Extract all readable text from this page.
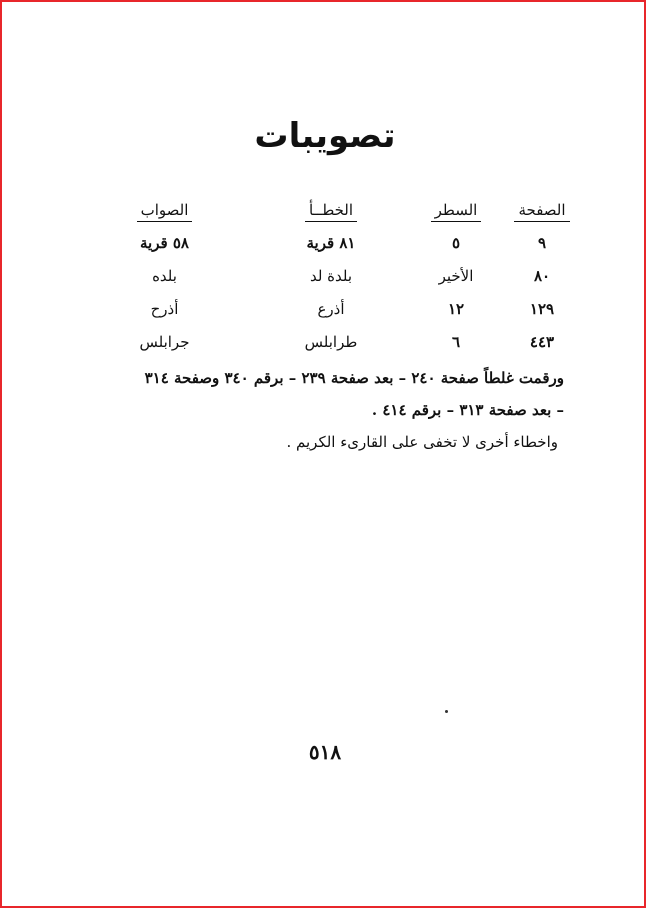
تصويبات
الصفحة	السطر	الخطــأ	الصواب
٩	٥	٨١ قرية	٥٨ قرية
٨٠	الأخير	بلدة لد	بلده
١٢٩	١٢	أذرع	أذرح
٤٤٣	٦	طرابلس	جرابلس

ورقمت غلطاً صفحة ٢٤٠ – بعد صفحة ٢٣٩ – برقم ٣٤٠ وصفحة ٣١٤

– بعد صفحة ٣١٣ – برقم ٤١٤ .

واخطاء أخرى لا تخفى على القارىء الكريم .

٥١٨
